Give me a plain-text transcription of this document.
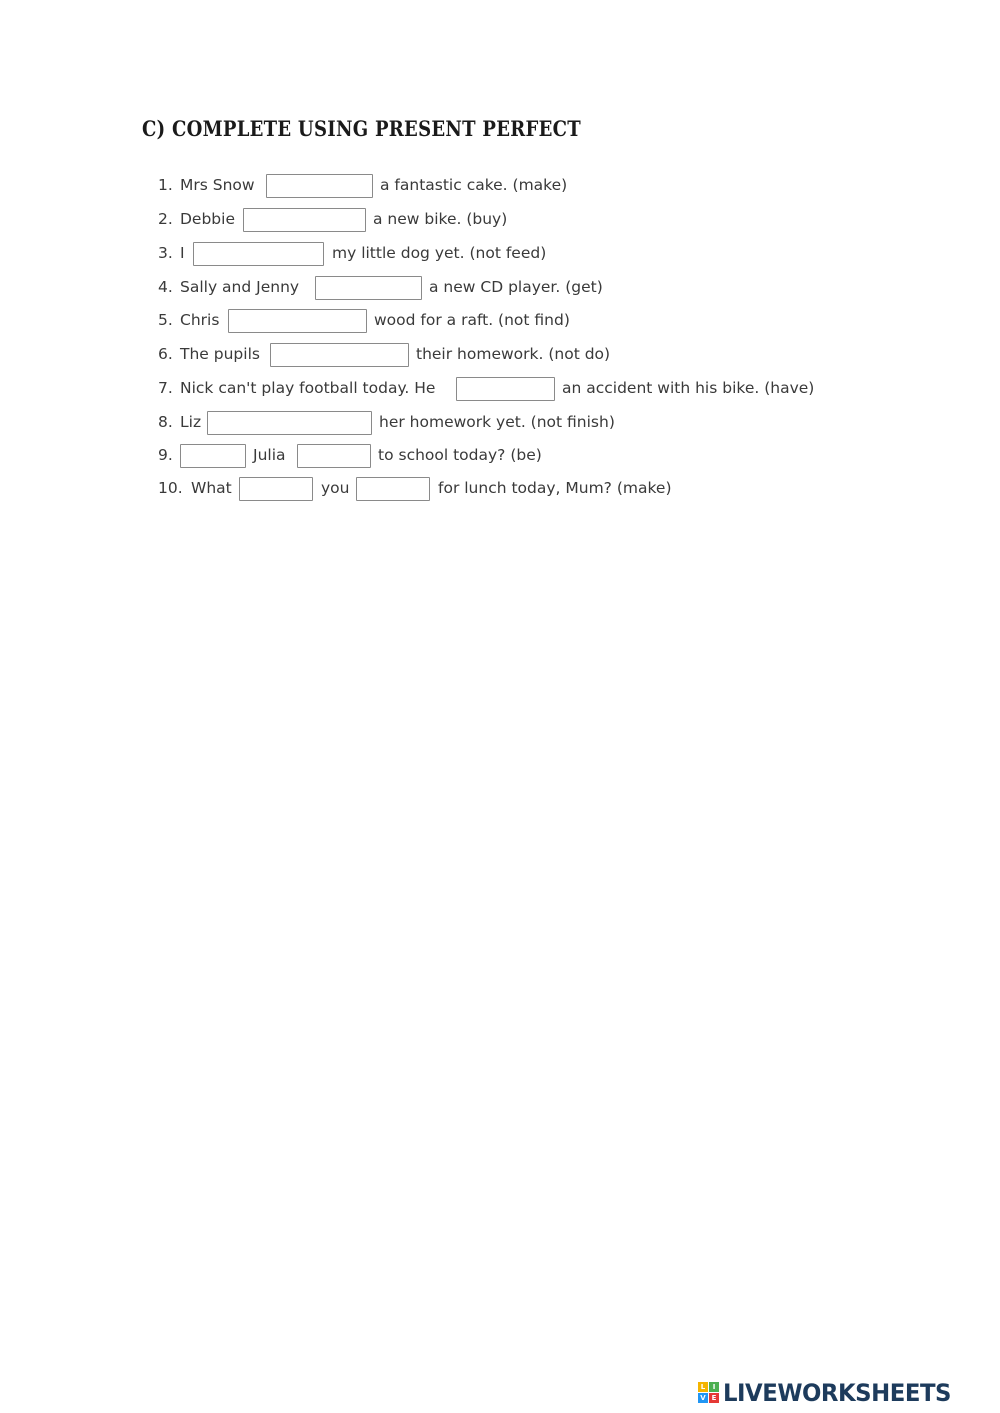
C) COMPLETE USING PRESENT PERFECT
1. Mrs Snow	a fantastic cake. (make)
2. Debbie	a new bike. (buy)
3. I	my little dog yet. (not feed)
4. Sally and Jenny	a new CD player. (get)
5. Chris	wood for a raft. (not find)
6. The pupils	their homework. (not do)
7. Nick can't play football today. He	an accident with his bike. (have)
8. Liz	her homework yet. (not finish)
9.	Julia	to school today? (be)
10. What	you	for lunch today, Mum? (make)
L	I
V E LIVEWORKSHEETS
